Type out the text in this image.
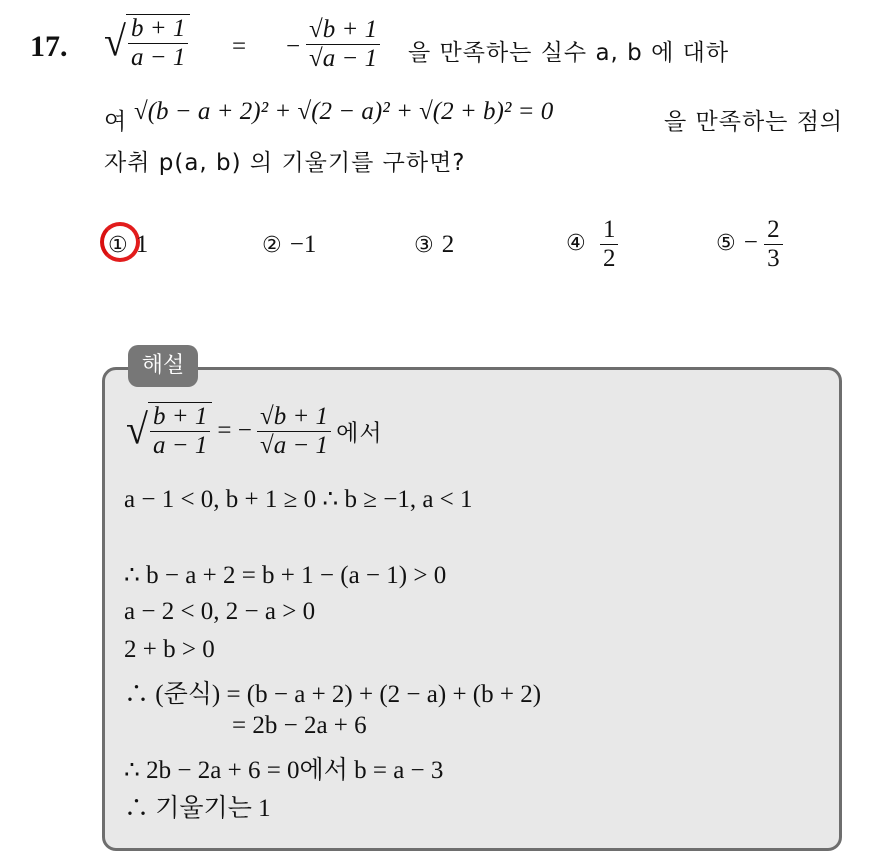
17. √ $\frac{b + 1}{a - 1}$ = − $\frac{√b + 1}{√a - 1}$ 을 만족하는 실수 a, b 에 대하
여 √(b − a + 2)² + √(2 − a)² + √(2 + b)² = 0	을 만족하는 점의
자취 p(a, b) 의 기울기를 구하면?
① 1	② −1	③ 2	④ $\frac{1}{2}$	⑤ − $\frac{2}{3}$
해설
√ $\frac{b + 1}{a - 1}$ = − $\frac{√b + 1}{√a - 1}$ 에서
a − 1 < 0, b + 1 ≥ 0 ∴ b ≥ −1, a < 1
∴ b − a + 2 = b + 1 − (a − 1) > 0
a − 2 < 0, 2 − a > 0
2 + b > 0
∴ (준식) = (b − a + 2) + (2 − a) + (b + 2)
= 2b − 2a + 6
∴ 2b − 2a + 6 = 0에서 b = a − 3
∴ 기울기는 1
